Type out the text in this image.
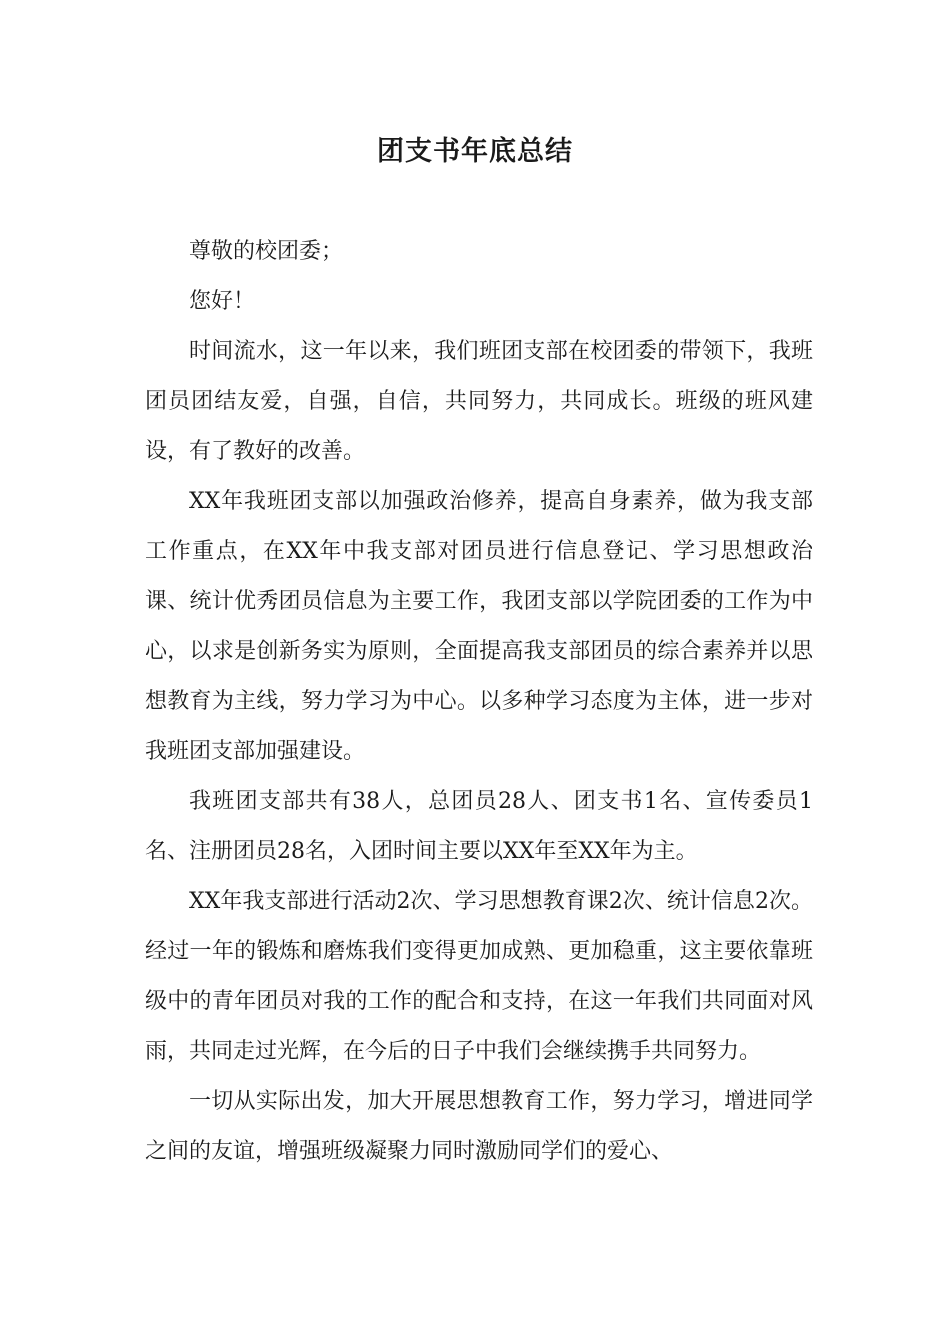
团支书年底总结

尊敬的校团委；

您好！

时间流水，这一年以来，我们班团支部在校团委的带领下，我班团员团结友爱，自强，自信，共同努力，共同成长。班级的班风建设，有了教好的改善。

XX年我班团支部以加强政治修养，提高自身素养，做为我支部工作重点，在XX年中我支部对团员进行信息登记、学习思想政治课、统计优秀团员信息为主要工作，我团支部以学院团委的工作为中心，以求是创新务实为原则，全面提高我支部团员的综合素养并以思想教育为主线，努力学习为中心。以多种学习态度为主体，进一步对我班团支部加强建设。

我班团支部共有38人，总团员28人、团支书1名、宣传委员1名、注册团员28名，入团时间主要以XX年至XX年为主。

XX年我支部进行活动2次、学习思想教育课2次、统计信息2次。经过一年的锻炼和磨炼我们变得更加成熟、更加稳重，这主要依靠班级中的青年团员对我的工作的配合和支持，在这一年我们共同面对风雨，共同走过光辉，在今后的日子中我们会继续携手共同努力。

一切从实际出发，加大开展思想教育工作，努力学习，增进同学之间的友谊，增强班级凝聚力同时激励同学们的爱心、
